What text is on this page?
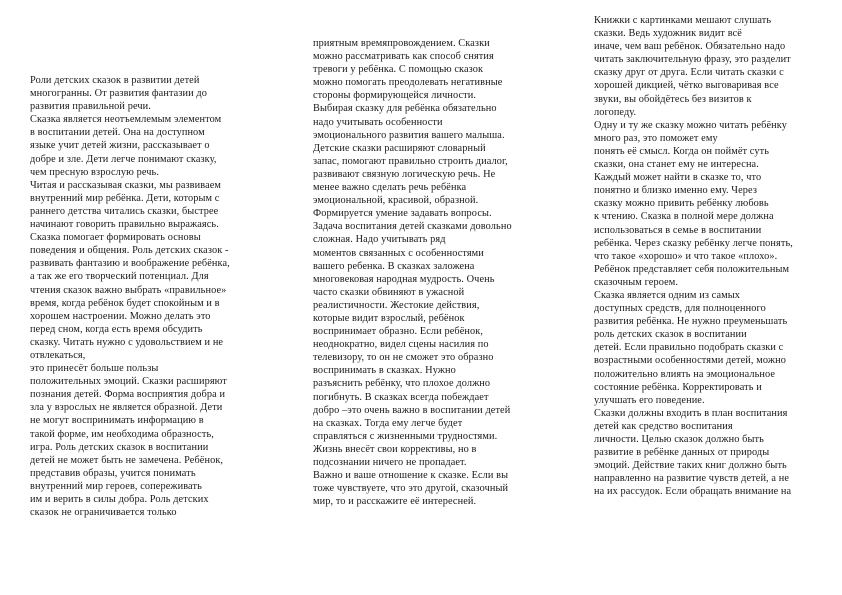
Роли детских сказок в развитии детей
многогранны. От развития фантазии до
развития правильной речи.
Сказка является неотъемлемым элементом
в воспитании детей. Она на доступном
языке учит детей жизни, рассказывает о
добре и зле. Дети легче понимают сказку,
чем пресную взрослую речь.
Читая и рассказывая сказки, мы развиваем
внутренний мир ребёнка. Дети, которым с
раннего детства читались сказки, быстрее
начинают говорить правильно выражаясь.
Сказка помогает формировать основы
поведения и общения. Роль детских сказок -
развивать фантазию и воображение ребёнка,
а так же его творческий потенциал. Для
чтения сказок важно выбрать «правильное»
время, когда ребёнок будет спокойным и в
хорошем настроении. Можно делать это
перед сном, когда есть время обсудить
сказку. Читать нужно с удовольствием и не
отвлекаться,
это принесёт больше пользы
положительных эмоций. Сказки расширяют
познания детей. Форма восприятия добра и
зла у взрослых не является образной. Дети
не могут воспринимать информацию в
такой форме, им необходима образность,
игра. Роль детских сказок в воспитании
детей не может быть не замечена. Ребёнок,
представив образы, учится понимать
внутренний мир героев, сопереживать
им и верить в силы добра. Роль детских
сказок не ограничивается только
приятным времяпровождением. Сказки
можно рассматривать как способ снятия
тревоги у ребёнка. С помощью сказок
можно помогать преодолевать негативные
стороны формирующейся личности.
Выбирая сказку для ребёнка обязательно
надо учитывать особенности
эмоционального развития вашего малыша.
Детские сказки расширяют словарный
запас, помогают правильно строить диалог,
развивают связную логическую речь. Не
менее важно сделать речь ребёнка
эмоциональной, красивой, образной.
Формируется умение задавать вопросы.
Задача воспитания детей сказками довольно
сложная. Надо учитывать ряд
моментов связанных с особенностями
вашего ребенка. В сказках заложена
многовековая народная мудрость. Очень
часто сказки обвиняют в ужасной
реалистичности. Жестокие действия,
которые видит взрослый, ребёнок
воспринимает образно. Если ребёнок,
неоднократно, видел сцены насилия по
телевизору, то он не сможет это образно
воспринимать в сказках. Нужно
разъяснить ребёнку, что плохое должно
погибнуть. В сказках всегда побеждает
добро –это очень важно в воспитании детей
на сказках. Тогда ему легче будет
справляться с жизненными трудностями.
Жизнь внесёт свои коррективы, но в
подсознании ничего не пропадает.
Важно и ваше отношение к сказке. Если вы
тоже чувствуете, что это другой, сказочный
мир, то и расскажите её интересней.
Книжки с картинками мешают слушать
сказки. Ведь художник видит всё
иначе, чем ваш ребёнок. Обязательно надо
читать заключительную фразу, это разделит
сказку друг от друга. Если читать сказки с
хорошей дикцией, чётко выговаривая все
звуки, вы обойдётесь без визитов к
логопеду.
Одну и ту же сказку можно читать ребёнку
много раз, это поможет ему
понять её смысл. Когда он поймёт суть
сказки, она станет ему не интересна.
Каждый может найти в сказке то, что
понятно и близко именно ему. Через
сказку можно привить ребёнку любовь
к чтению. Сказка в полной мере должна
использоваться в семье в воспитании
ребёнка. Через сказку ребёнку легче понять,
что такое «хорошо» и что такое «плохо».
Ребёнок представляет себя положительным
сказочным героем.
Сказка является одним из самых
доступных средств, для полноценного
развития ребёнка. Не нужно преуменьшать
роль детских сказок в воспитании
детей. Если правильно подобрать сказки с
возрастными особенностями детей, можно
положительно влиять на эмоциональное
состояние ребёнка. Корректировать и
улучшать его поведение.
Сказки должны входить в план воспитания
детей как средство воспитания
личности. Целью сказок должно быть
развитие в ребёнке данных от природы
эмоций. Действие таких книг должно быть
направленно на развитие чувств детей, а не
на их рассудок. Если обращать внимание на
